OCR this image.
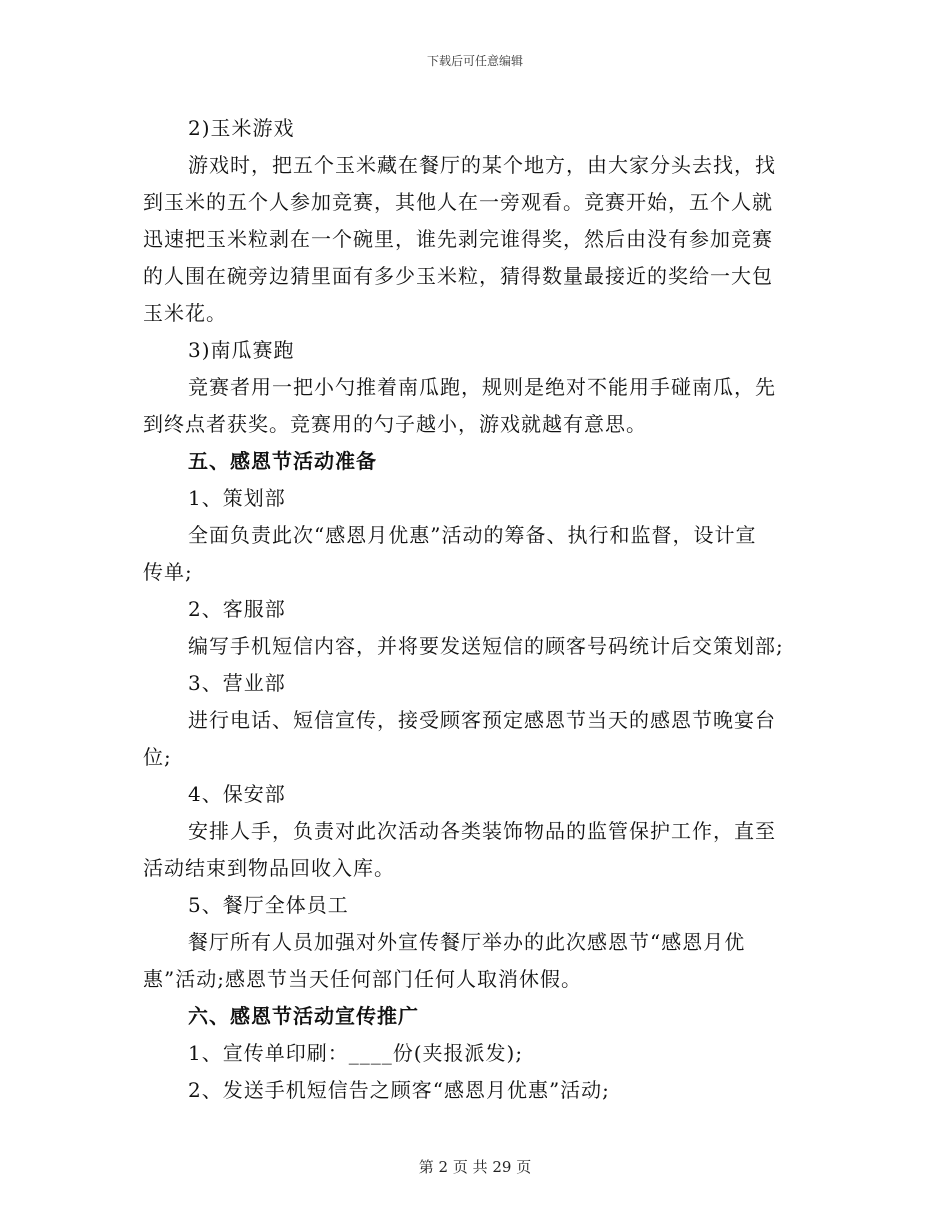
下载后可任意编辑
2)玉米游戏
游戏时，把五个玉米藏在餐厅的某个地方，由大家分头去找，找
到玉米的五个人参加竞赛，其他人在一旁观看。竞赛开始，五个人就
迅速把玉米粒剥在一个碗里，谁先剥完谁得奖，然后由没有参加竞赛
的人围在碗旁边猜里面有多少玉米粒，猜得数量最接近的奖给一大包
玉米花。
3)南瓜赛跑
竞赛者用一把小勺推着南瓜跑，规则是绝对不能用手碰南瓜，先
到终点者获奖。竞赛用的勺子越小，游戏就越有意思。
五、感恩节活动准备
1、策划部
全面负责此次“感恩月优惠”活动的筹备、执行和监督，设计宣
传单;
2、客服部
编写手机短信内容，并将要发送短信的顾客号码统计后交策划部;
3、营业部
进行电话、短信宣传，接受顾客预定感恩节当天的感恩节晚宴台
位;
4、保安部
安排人手，负责对此次活动各类装饰物品的监管保护工作，直至
活动结束到物品回收入库。
5、餐厅全体员工
餐厅所有人员加强对外宣传餐厅举办的此次感恩节“感恩月优
惠”活动;感恩节当天任何部门任何人取消休假。
六、感恩节活动宣传推广
1、宣传单印刷：____份(夹报派发);
2、发送手机短信告之顾客“感恩月优惠”活动;
第 2 页 共 29 页
